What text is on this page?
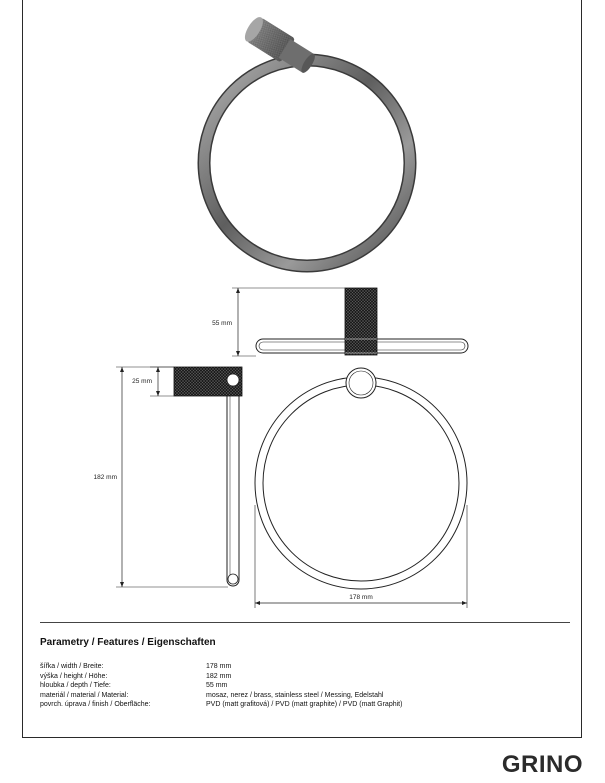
55 mm
25 mm
182 mm
178 mm
Parametry / Features / Eigenschaften
šířka / width / Breite:	178 mm
výška / height / Höhe:	182 mm
hloubka / depth / Tiefe:	55 mm
materiál / material / Material:	mosaz, nerez / brass, stainless steel / Messing, Edelstahl
povrch. úprava / finish / Oberfläche:	PVD (matt grafitová) / PVD (matt graphite) / PVD (matt Graphit)
GRINO
